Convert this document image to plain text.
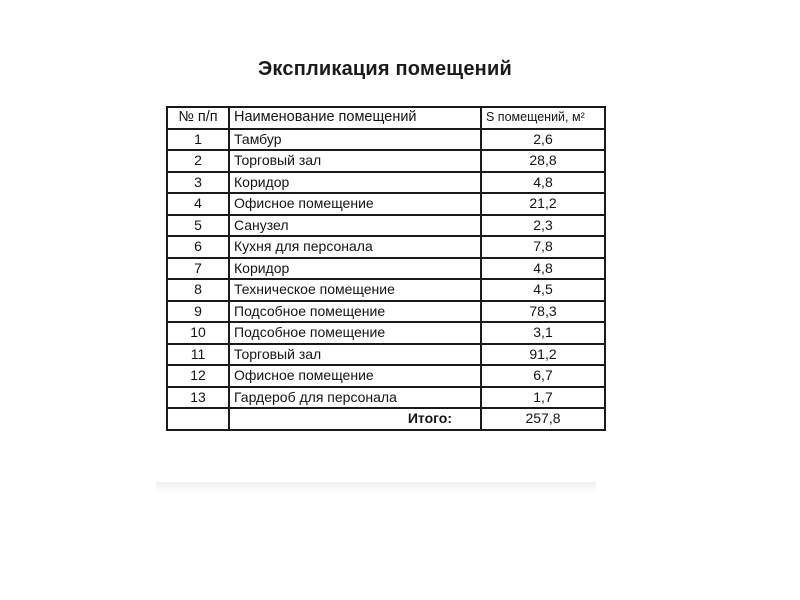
Экспликация помещений
№ п/п	Наименование помещений	S помещений, м²
1	Тамбур	2,6
2	Торговый зал	28,8
3	Коридор	4,8
4	Офисное помещение	21,2
5	Санузел	2,3
6	Кухня для персонала	7,8
7	Коридор	4,8
8	Техническое помещение	4,5
9	Подсобное помещение	78,3
10	Подсобное помещение	3,1
11	Торговый зал	91,2
12	Офисное помещение	6,7
13	Гардероб для персонала	1,7
	Итого:	257,8
